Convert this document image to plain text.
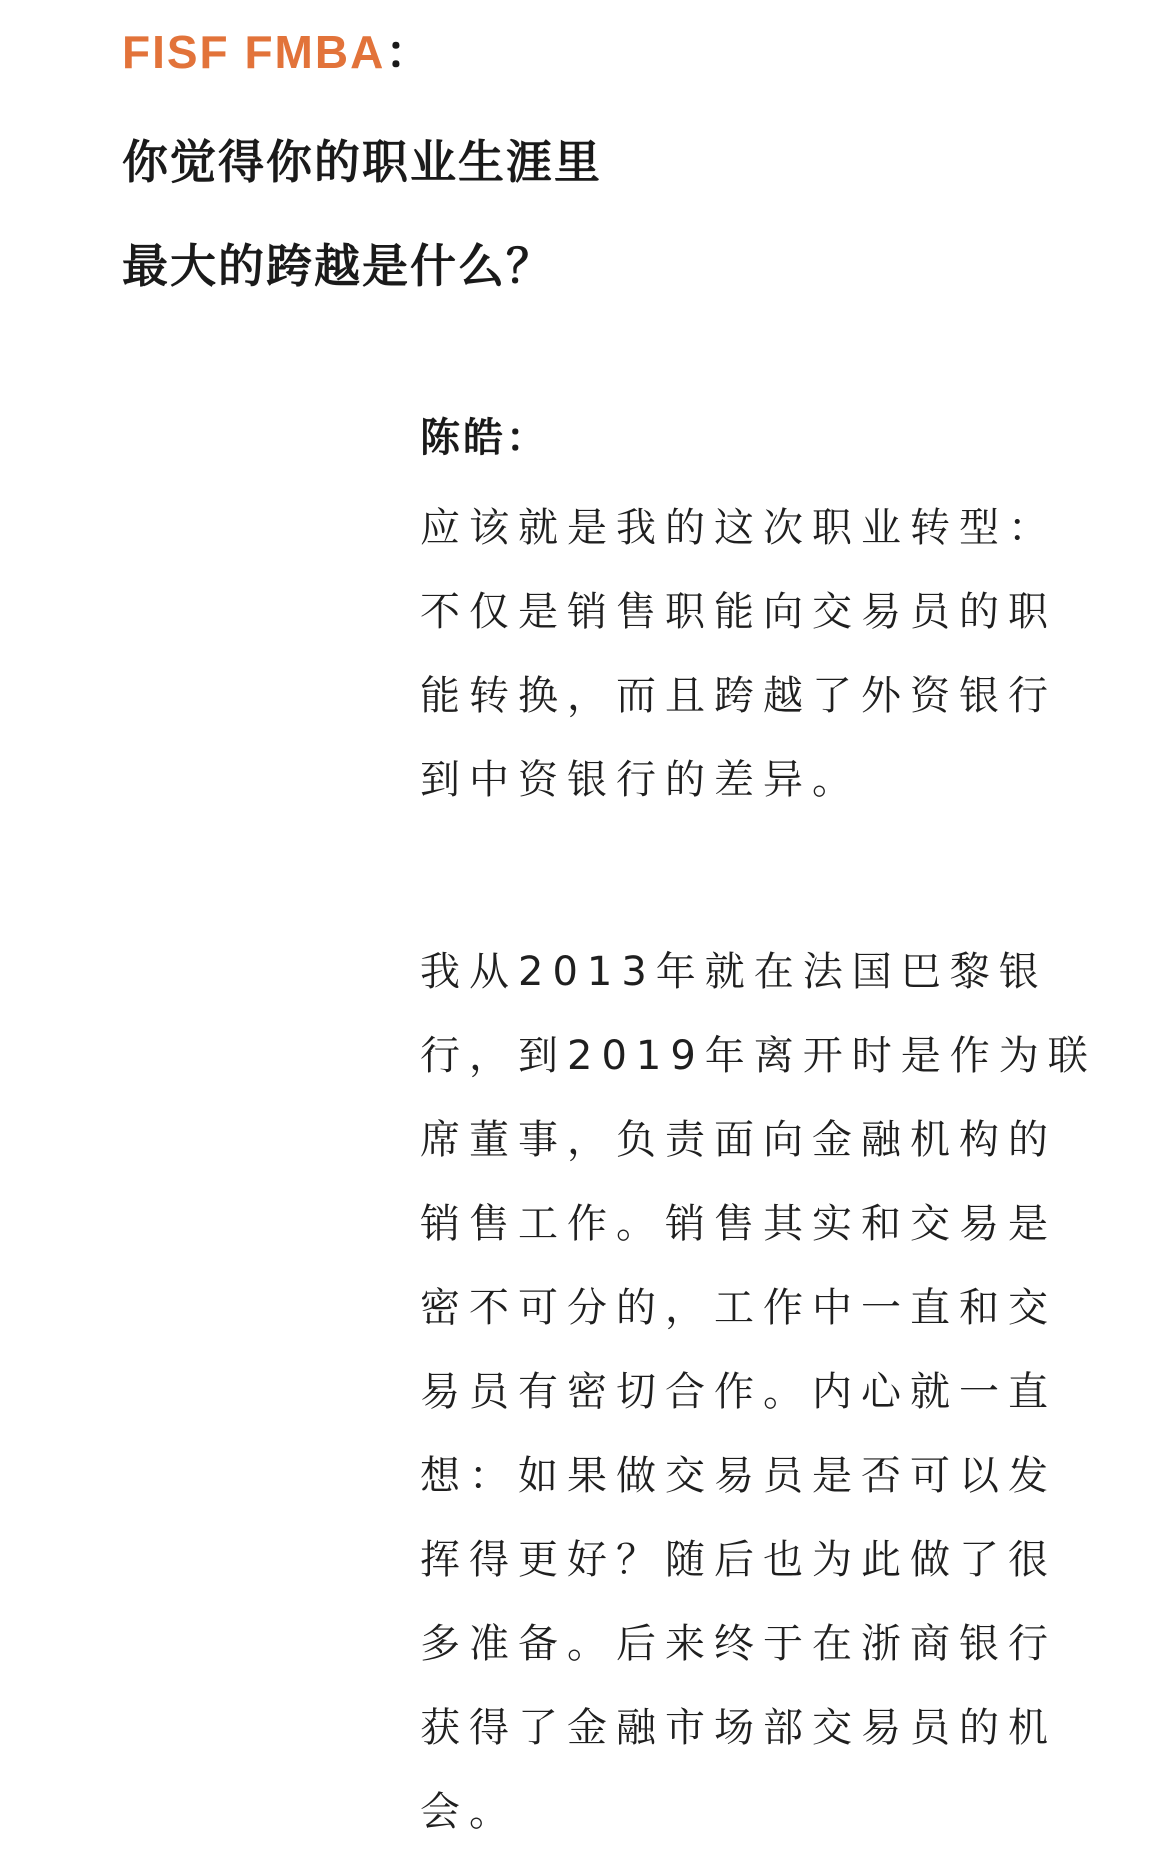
FISF FMBA：
你觉得你的职业生涯里
最大的跨越是什么？
陈皓：
应该就是我的这次职业转型：
不仅是销售职能向交易员的职
能转换，而且跨越了外资银行
到中资银行的差异。
我从2013年就在法国巴黎银
行，到2019年离开时是作为联
席董事，负责面向金融机构的
销售工作。销售其实和交易是
密不可分的，工作中一直和交
易员有密切合作。内心就一直
想：如果做交易员是否可以发
挥得更好？随后也为此做了很
多准备。后来终于在浙商银行
获得了金融市场部交易员的机
会。
